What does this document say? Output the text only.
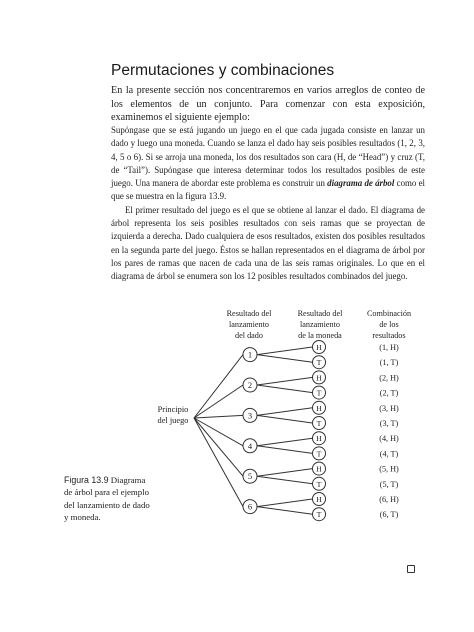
Permutaciones y combinaciones

En la presente sección nos concentraremos en varios arreglos de conteo de los elementos de un conjunto. Para comenzar con esta exposición, examinemos el siguiente ejemplo:

Supóngase que se está jugando un juego en el que cada jugada consiste en lanzar un dado y luego una moneda. Cuando se lanza el dado hay seis posibles resultados (1, 2, 3, 4, 5 o 6). Si se arroja una moneda, los dos resultados son cara (H, de “Head”) y cruz (T, de “Tail”). Supóngase que interesa determinar todos los resultados posibles de este juego. Una manera de abordar este problema es construir un diagrama de árbol como el que se muestra en la figura 13.9.

El primer resultado del juego es el que se obtiene al lanzar el dado. El diagrama de árbol representa los seis posibles resultados con seis ramas que se proyectan de izquierda a derecha. Dado cualquiera de esos resultados, existen dos posibles resultados en la segunda parte del juego. Éstos se hallan representados en el diagrama de árbol por los pares de ramas que nacen de cada una de las seis ramas originales. Lo que en el diagrama de árbol se enumera son los 12 posibles resultados combinados del juego.

Resultado del
lanzamiento
del dado
Resultado del
lanzamiento
de la moneda
Combinación
de los
resultados
Principio
del juego
1
H	(1, H)
T	(1, T)
2
H	(2, H)
T	(2, T)
3
H	(3, H)
T	(3, T)
4
H	(4, H)
T	(4, T)
5
H	(5, H)
T	(5, T)
6
H	(6, H)
T	(6, T)
Figura 13.9 Diagrama de árbol para el ejemplo del lanzamiento de dado y moneda.
